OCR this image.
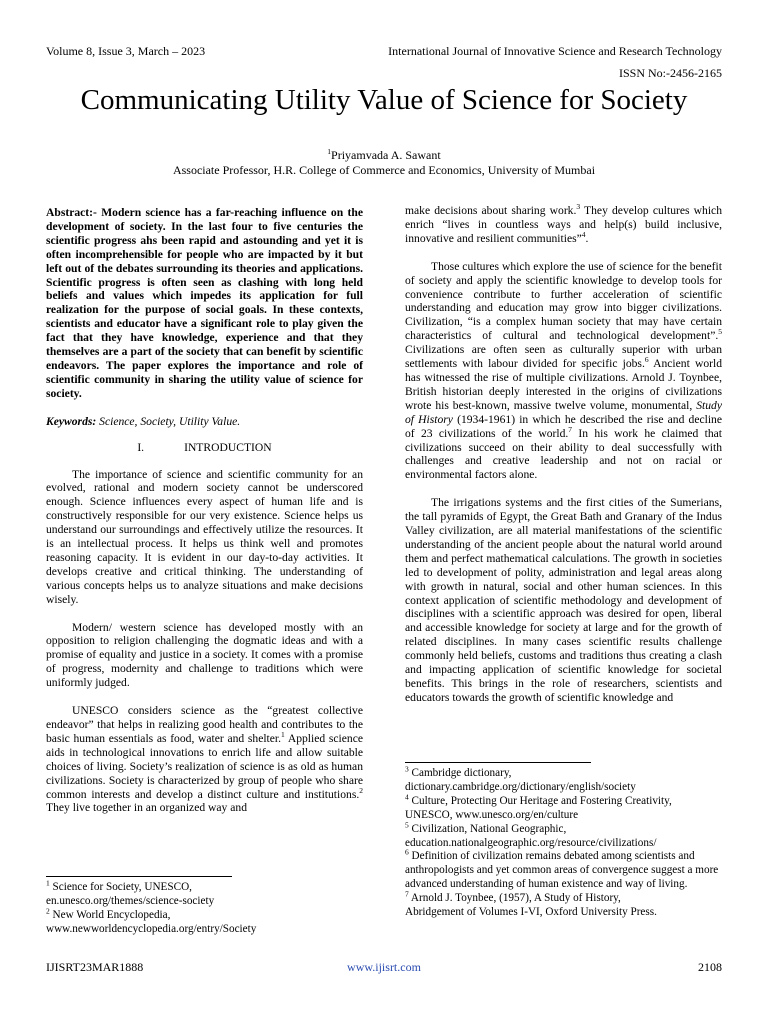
Volume 8, Issue 3, March – 2023	International Journal of Innovative Science and Research Technology
ISSN No:-2456-2165
Communicating Utility Value of Science for Society
$^1$Priyamvada A. Sawant
Associate Professor, H.R. College of Commerce and Economics, University of Mumbai

Abstract:- Modern science has a far-reaching influence on the development of society. In the last four to five centuries the scientific progress ahs been rapid and astounding and yet it is often incomprehensible for people who are impacted by it but left out of the debates surrounding its theories and applications. Scientific progress is often seen as clashing with long held beliefs and values which impedes its application for full realization for the purpose of social goals. In these contexts, scientists and educator have a significant role to play given the fact that they have knowledge, experience and that they themselves are a part of the society that can benefit by scientific endeavors. The paper explores the importance and role of scientific community in sharing the utility value of science for society.

Keywords: Science, Society, Utility Value.

I.	INTRODUCTION

The importance of science and scientific community for an evolved, rational and modern society cannot be underscored enough. Science influences every aspect of human life and is constructively responsible for our very existence. Science helps us understand our surroundings and effectively utilize the resources. It is an intellectual process. It helps us think well and promotes reasoning capacity. It is evident in our day-to-day activities. It develops creative and critical thinking. The understanding of various concepts helps us to analyze situations and make decisions wisely.

Modern/ western science has developed mostly with an opposition to religion challenging the dogmatic ideas and with a promise of equality and justice in a society. It comes with a promise of progress, modernity and challenge to traditions which were uniformly judged.

UNESCO considers science as the “greatest collective endeavor” that helps in realizing good health and contributes to the basic human essentials as food, water and shelter.$^1$ Applied science aids in technological innovations to enrich life and allow suitable choices of living. Society’s realization of science is as old as human civilizations. Society is characterized by group of people who share common interests and develop a distinct culture and institutions.$^2$ They live together in an organized way and

$^1$ Science for Society, UNESCO,

en.unesco.org/themes/science-society

$^2$ New World Encyclopedia,

www.newworldencyclopedia.org/entry/Society

make decisions about sharing work.$^3$ They develop cultures which enrich “lives in countless ways and help(s) build inclusive, innovative and resilient communities”$^4$.

Those cultures which explore the use of science for the benefit of society and apply the scientific knowledge to develop tools for convenience contribute to further acceleration of scientific understanding and education may grow into bigger civilizations. Civilization, “is a complex human society that may have certain characteristics of cultural and technological development”.$^5$ Civilizations are often seen as culturally superior with urban settlements with labour divided for specific jobs.$^6$ Ancient world has witnessed the rise of multiple civilizations. Arnold J. Toynbee, British historian deeply interested in the origins of civilizations wrote his best-known, massive twelve volume, monumental, Study of History (1934-1961) in which he described the rise and decline of 23 civilizations of the world.$^7$ In his work he claimed that civilizations succeed on their ability to deal successfully with challenges and creative leadership and not on racial or environmental factors alone.

The irrigations systems and the first cities of the Sumerians, the tall pyramids of Egypt, the Great Bath and Granary of the Indus Valley civilization, are all material manifestations of the scientific understanding of the ancient people about the natural world around them and perfect mathematical calculations. The growth in societies led to development of polity, administration and legal areas along with growth in natural, social and other human sciences. In this context application of scientific methodology and development of disciplines with a scientific approach was desired for open, liberal and accessible knowledge for society at large and for the growth of related disciplines. In many cases scientific results challenge commonly held beliefs, customs and traditions thus creating a clash and impacting application of scientific knowledge for societal benefits. This brings in the role of researchers, scientists and educators towards the growth of scientific knowledge and

$^3$ Cambridge dictionary,

dictionary.cambridge.org/dictionary/english/society

$^4$ Culture, Protecting Our Heritage and Fostering Creativity,

UNESCO, www.unesco.org/en/culture

$^5$ Civilization, National Geographic,

education.nationalgeographic.org/resource/civilizations/

$^6$ Definition of civilization remains debated among scientists and anthropologists and yet common areas of convergence suggest a more advanced understanding of human existence and way of living.

$^7$ Arnold J. Toynbee, (1957), A Study of History,

Abridgement of Volumes I-VI, Oxford University Press.

IJISRT23MAR1888	www.ijisrt.com	2108
